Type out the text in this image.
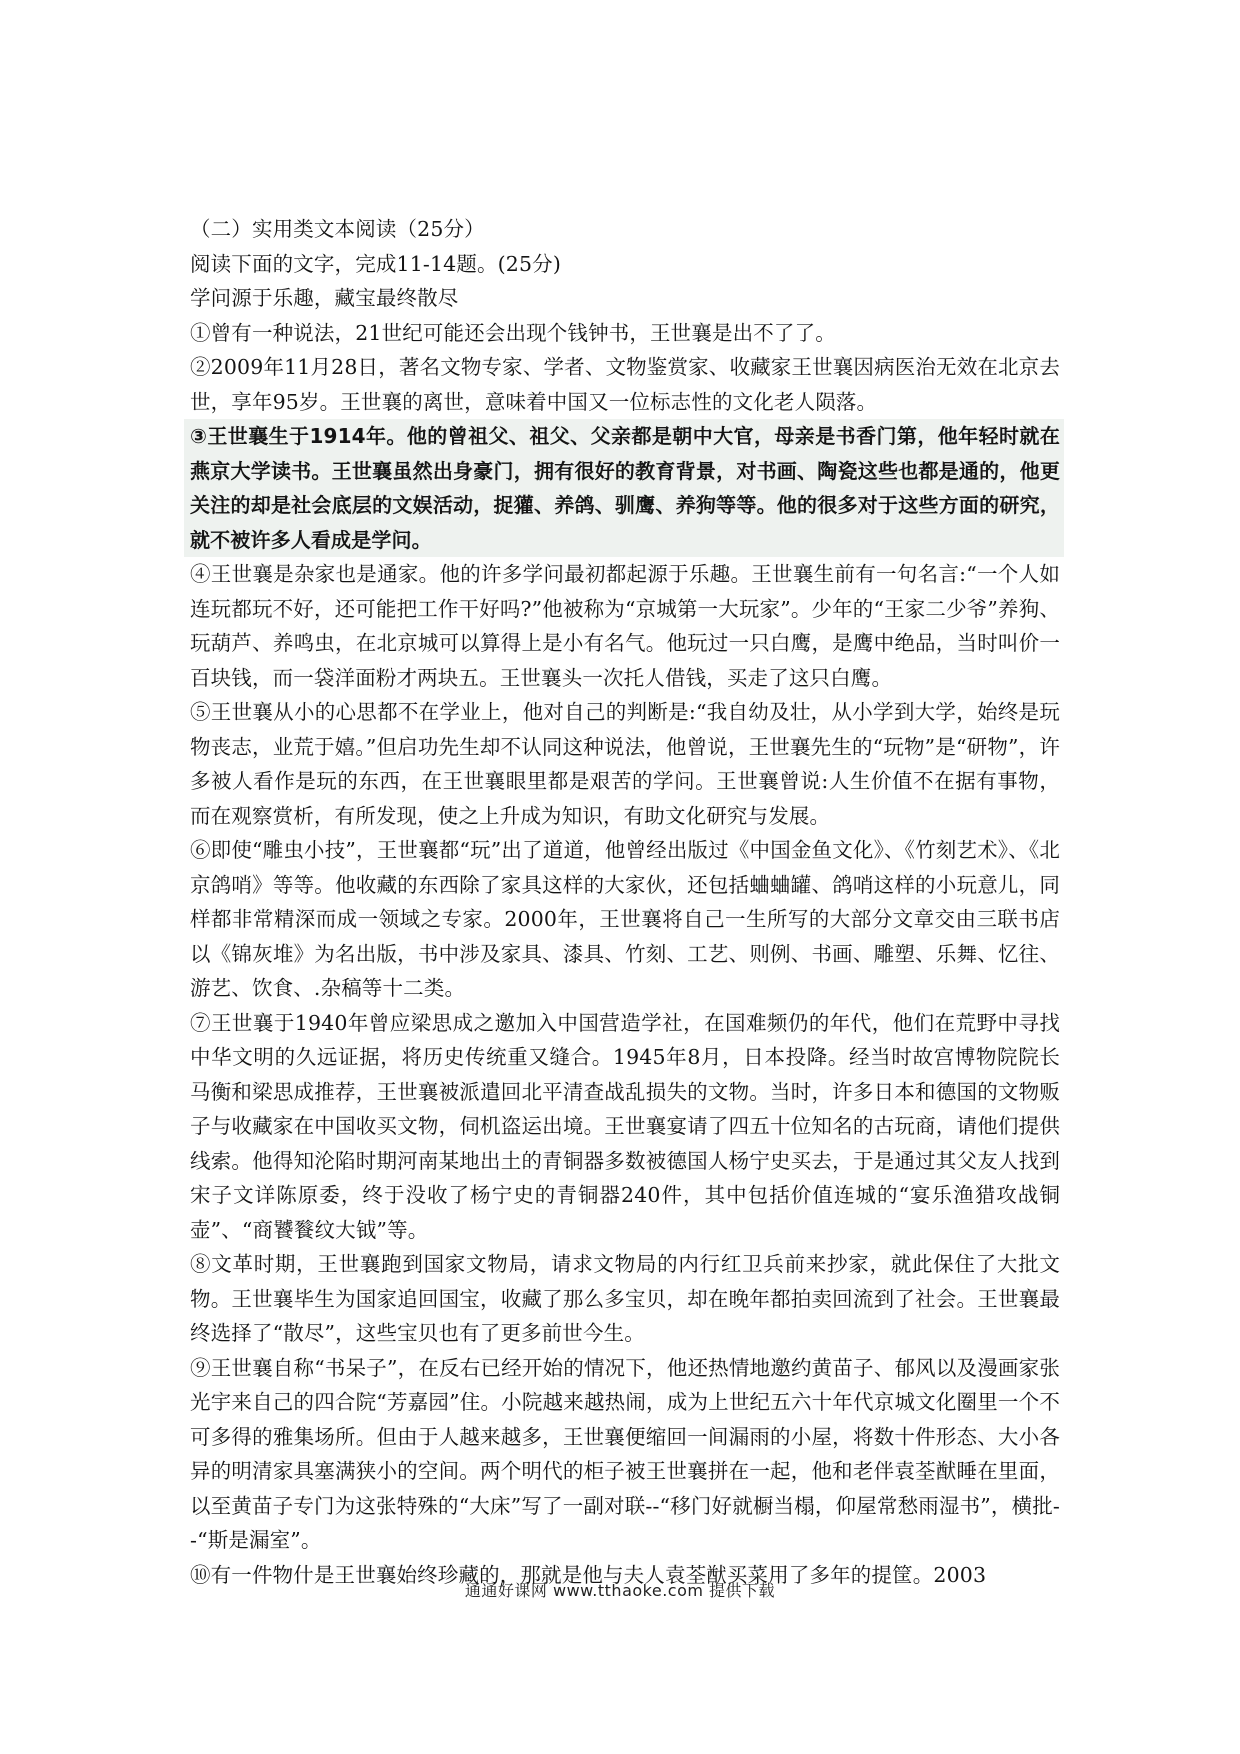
（二）实用类文本阅读（25分）
阅读下面的文字，完成11-14题。(25分)
学问源于乐趣，藏宝最终散尽

①曾有一种说法，21世纪可能还会出现个钱钟书，王世襄是出不了了。

②2009年11月28日，著名文物专家、学者、文物鉴赏家、收藏家王世襄因病医治无效在北京去世，享年95岁。王世襄的离世，意味着中国又一位标志性的文化老人陨落。

③王世襄生于1914年。他的曾祖父、祖父、父亲都是朝中大官，母亲是书香门第，他年轻时就在燕京大学读书。王世襄虽然出身豪门，拥有很好的教育背景，对书画、陶瓷这些也都是通的，他更关注的却是社会底层的文娱活动，捉獾、养鸽、驯鹰、养狗等等。他的很多对于这些方面的研究，就不被许多人看成是学问。

④王世襄是杂家也是通家。他的许多学问最初都起源于乐趣。王世襄生前有一句名言:“一个人如连玩都玩不好，还可能把工作干好吗?”他被称为“京城第一大玩家”。少年的“王家二少爷”养狗、玩葫芦、养鸣虫，在北京城可以算得上是小有名气。他玩过一只白鹰，是鹰中绝品，当时叫价一百块钱，而一袋洋面粉才两块五。王世襄头一次托人借钱，买走了这只白鹰。

⑤王世襄从小的心思都不在学业上，他对自己的判断是:“我自幼及壮，从小学到大学，始终是玩物丧志，业荒于嬉。”但启功先生却不认同这种说法，他曾说，王世襄先生的“玩物”是“研物”，许多被人看作是玩的东西，在王世襄眼里都是艰苦的学问。王世襄曾说:人生价值不在据有事物，而在观察赏析，有所发现，使之上升成为知识，有助文化研究与发展。

⑥即使“雕虫小技”，王世襄都“玩”出了道道，他曾经出版过《中国金鱼文化》、《竹刻艺术》、《北京鸽哨》等等。他收藏的东西除了家具这样的大家伙，还包括蛐蛐罐、鸽哨这样的小玩意儿，同样都非常精深而成一领域之专家。2000年，王世襄将自己一生所写的大部分文章交由三联书店以《锦灰堆》为名出版，书中涉及家具、漆具、竹刻、工艺、则例、书画、雕塑、乐舞、忆往、游艺、饮食、.杂稿等十二类。

⑦王世襄于1940年曾应梁思成之邀加入中国营造学社，在国难频仍的年代，他们在荒野中寻找中华文明的久远证据，将历史传统重又缝合。1945年8月，日本投降。经当时故宫博物院院长马衡和梁思成推荐，王世襄被派遣回北平清查战乱损失的文物。当时，许多日本和德国的文物贩子与收藏家在中国收买文物，伺机盗运出境。王世襄宴请了四五十位知名的古玩商，请他们提供线索。他得知沦陷时期河南某地出土的青铜器多数被德国人杨宁史买去，于是通过其父友人找到宋子文详陈原委，终于没收了杨宁史的青铜器240件，其中包括价值连城的“宴乐渔猎攻战铜壶”、“商饕餮纹大钺”等。

⑧文革时期，王世襄跑到国家文物局，请求文物局的内行红卫兵前来抄家，就此保住了大批文物。王世襄毕生为国家追回国宝，收藏了那么多宝贝，却在晚年都拍卖回流到了社会。王世襄最终选择了“散尽”，这些宝贝也有了更多前世今生。

⑨王世襄自称“书呆子”，在反右已经开始的情况下，他还热情地邀约黄苗子、郁风以及漫画家张光宇来自己的四合院“芳嘉园”住。小院越来越热闹，成为上世纪五六十年代京城文化圈里一个不可多得的雅集场所。但由于人越来越多，王世襄便缩回一间漏雨的小屋，将数十件形态、大小各异的明清家具塞满狭小的空间。两个明代的柜子被王世襄拼在一起，他和老伴袁荃猷睡在里面，以至黄苗子专门为这张特殊的“大床”写了一副对联--“移门好就橱当榻，仰屋常愁雨湿书”，横批--“斯是漏室”。

⑩有一件物什是王世襄始终珍藏的，那就是他与夫人袁荃猷买菜用了多年的提筐。2003

通通好课网 www.tthaoke.com 提供下载
